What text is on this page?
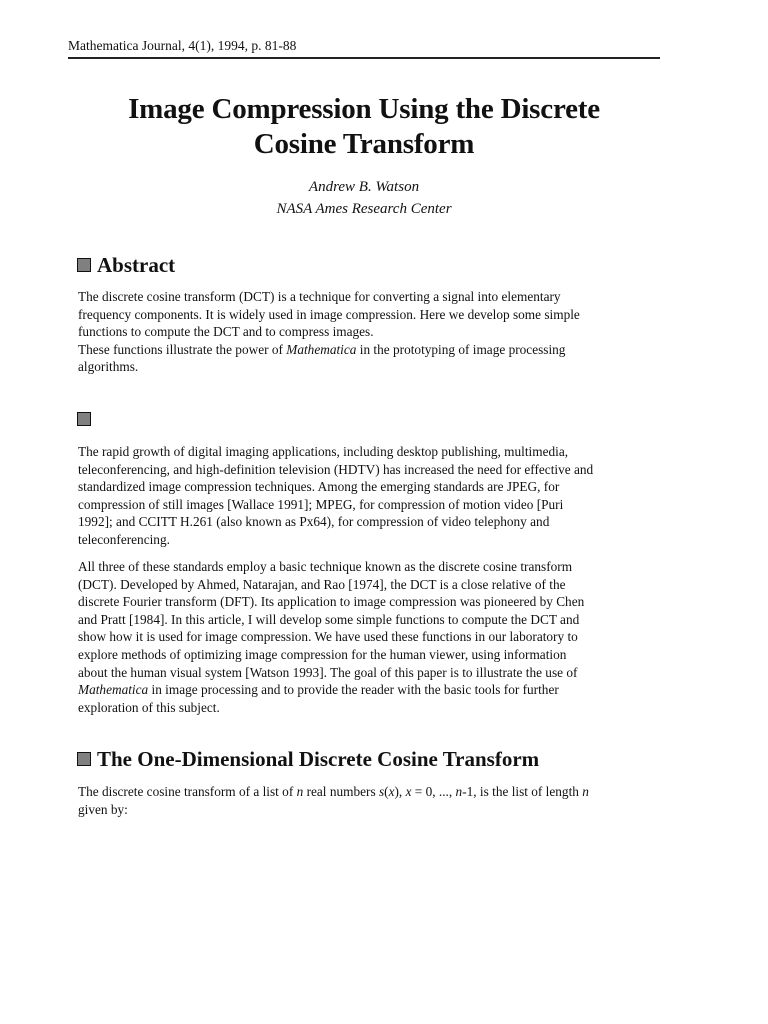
Mathematica Journal, 4(1), 1994, p. 81-88
Image Compression Using the Discrete
Cosine Transform
Andrew B. Watson
NASA Ames Research Center
Abstract

The discrete cosine transform (DCT) is a technique for converting a signal into elementary
frequency components. It is widely used in image compression. Here we develop some simple
functions to compute the DCT and to compress images.
These functions illustrate the power of Mathematica in the prototyping of image processing
algorithms.

The rapid growth of digital imaging applications, including desktop publishing, multimedia,
teleconferencing, and high-definition television (HDTV) has increased the need for effective and
standardized image compression techniques. Among the emerging standards are JPEG, for
compression of still images [Wallace 1991]; MPEG, for compression of motion video [Puri
1992]; and CCITT H.261 (also known as Px64), for compression of video telephony and
teleconferencing.

All three of these standards employ a basic technique known as the discrete cosine transform
(DCT). Developed by Ahmed, Natarajan, and Rao [1974], the DCT is a close relative of the
discrete Fourier transform (DFT). Its application to image compression was pioneered by Chen
and Pratt [1984]. In this article, I will develop some simple functions to compute the DCT and
show how it is used for image compression. We have used these functions in our laboratory to
explore methods of optimizing image compression for the human viewer, using information
about the human visual system [Watson 1993]. The goal of this paper is to illustrate the use of
Mathematica in image processing and to provide the reader with the basic tools for further
exploration of this subject.

The One-Dimensional Discrete Cosine Transform

The discrete cosine transform of a list of n real numbers s(x), x = 0, ..., n-1, is the list of length n
given by:
